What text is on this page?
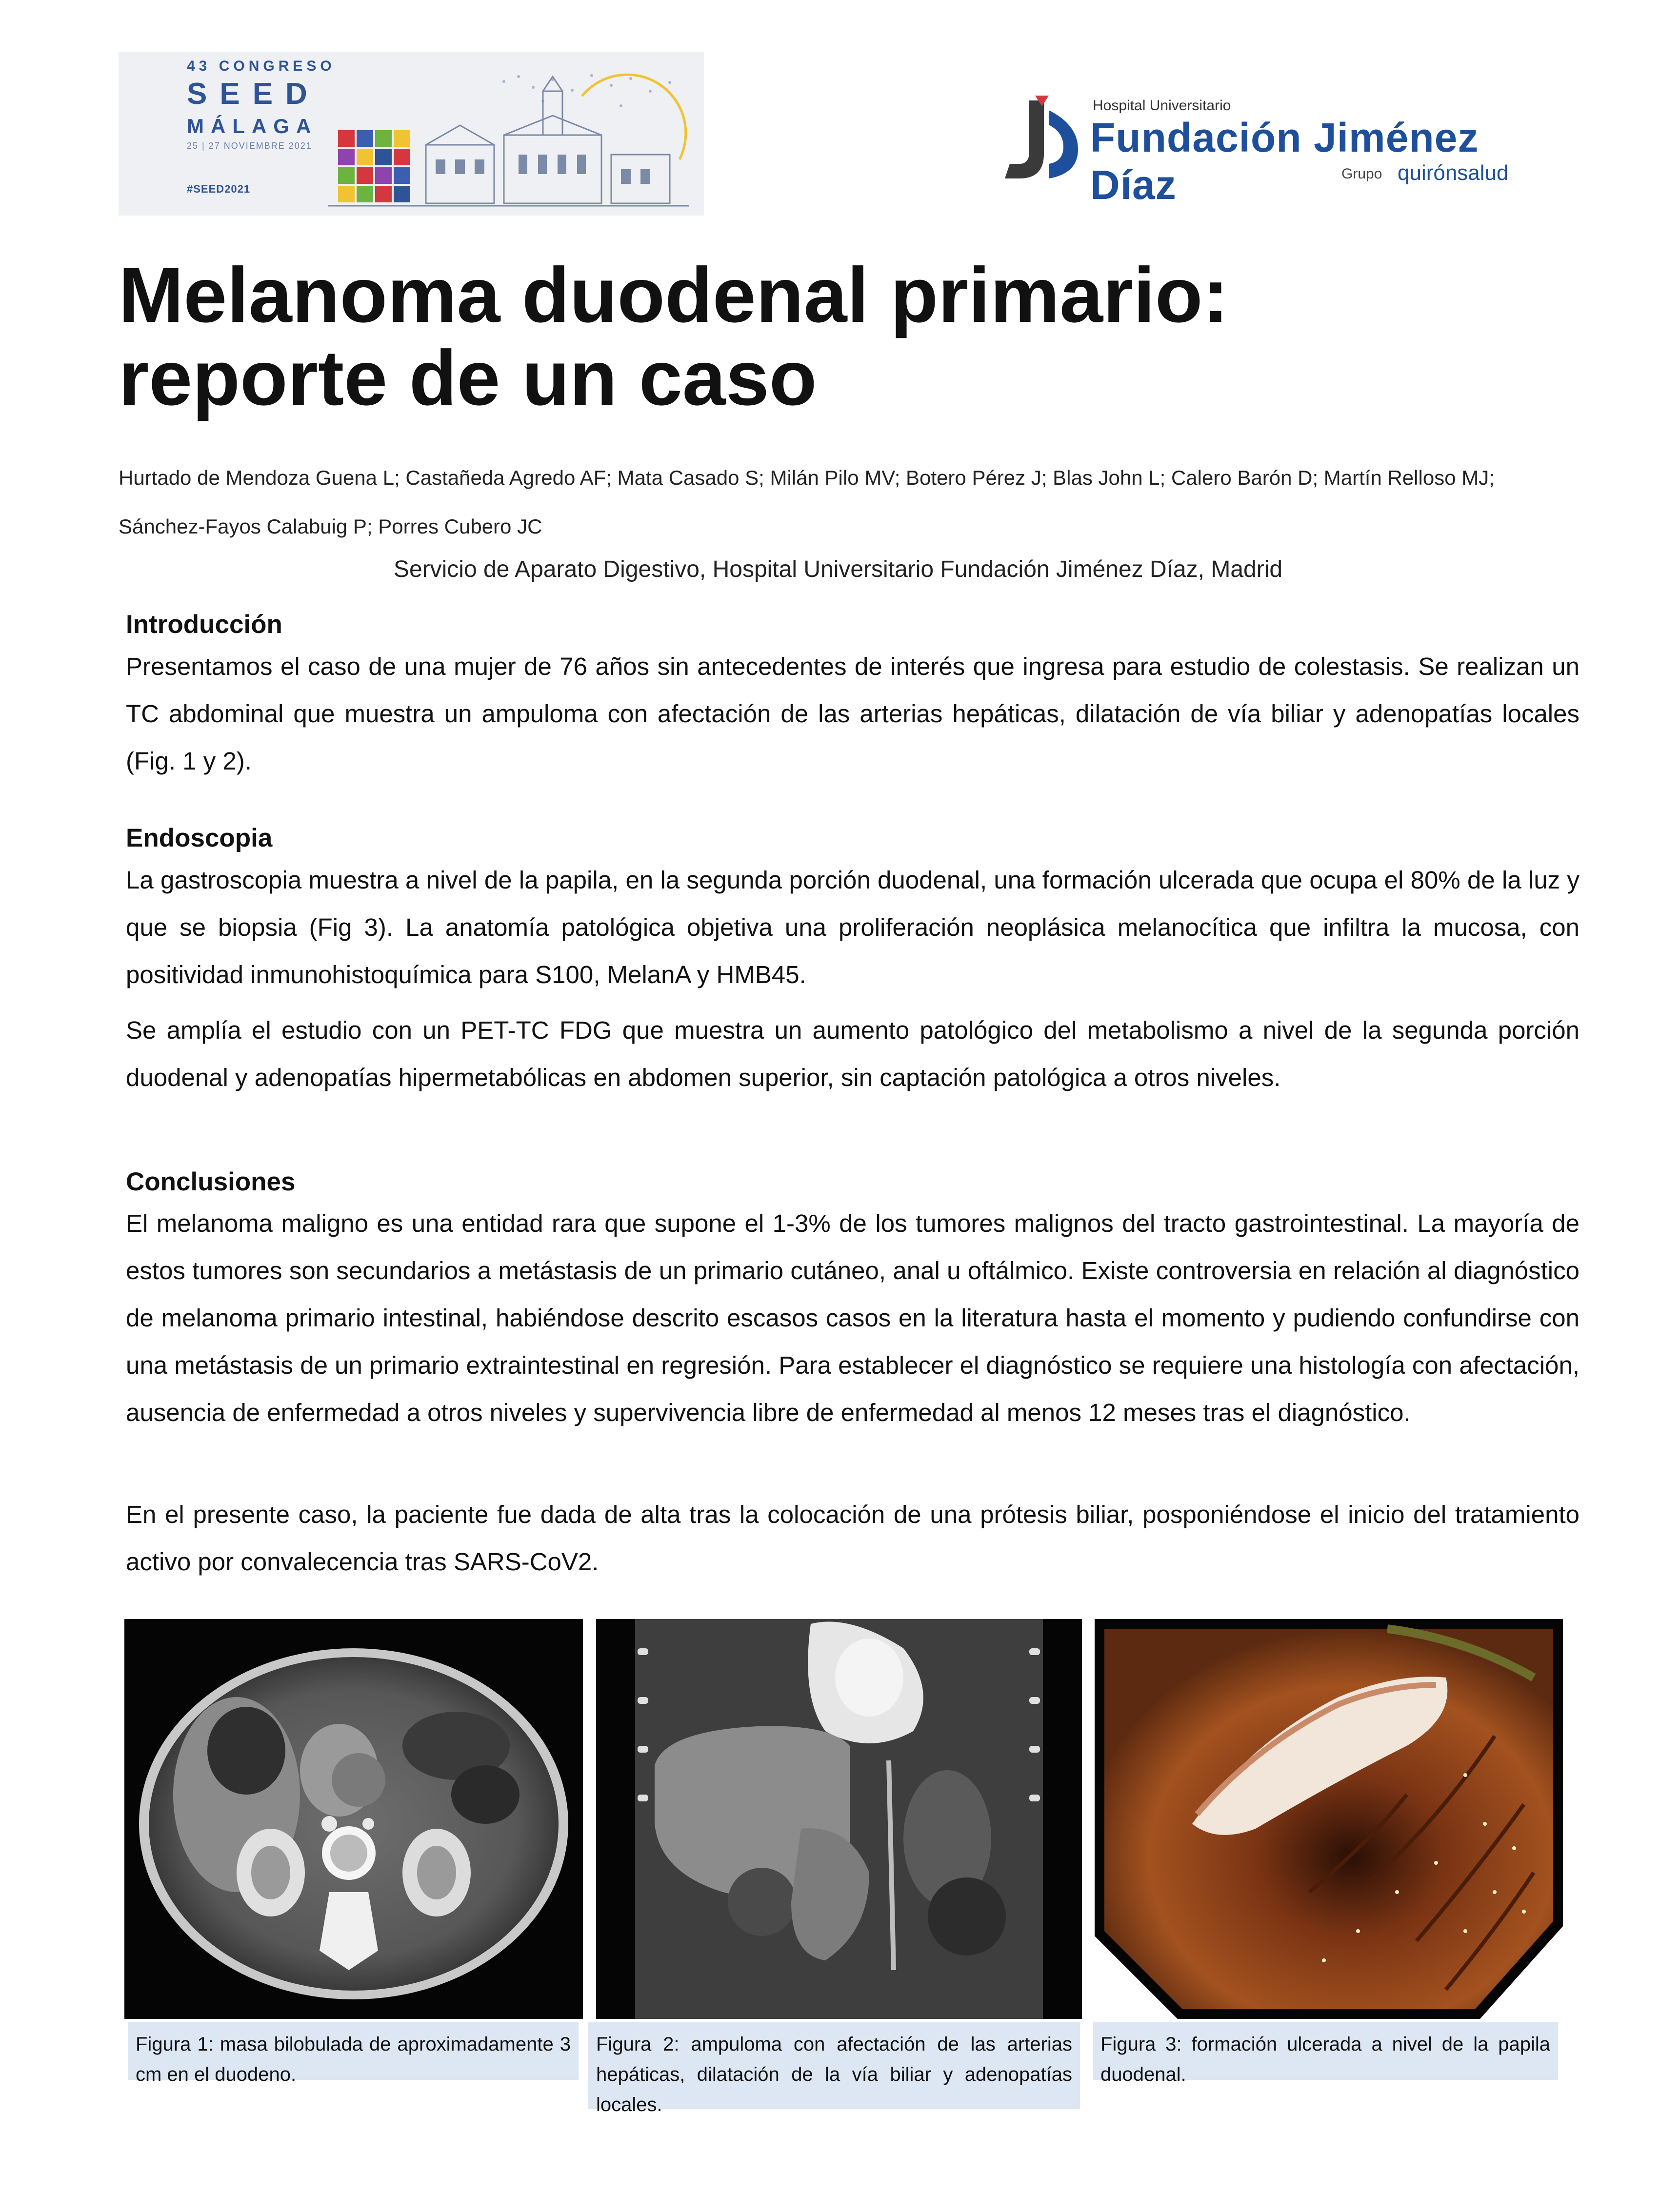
43 CONGRESO
SEED
MÁLAGA
25 | 27 NOVIEMBRE 2021
#SEED2021
Hospital Universitario
Fundación Jiménez Díaz	Grupo quirónsalud
Melanoma duodenal primario:
reporte de un caso
Hurtado de Mendoza Guena L; Castañeda Agredo AF; Mata Casado S; Milán Pilo MV; Botero Pérez J; Blas John L; Calero Barón D; Martín Relloso MJ;
Sánchez-Fayos Calabuig P; Porres Cubero JC
Servicio de Aparato Digestivo, Hospital Universitario Fundación Jiménez Díaz, Madrid
Introducción
Presentamos el caso de una mujer de 76 años sin antecedentes de interés que ingresa para estudio de colestasis. Se realizan un TC abdominal que muestra un ampuloma con afectación de las arterias hepáticas, dilatación de vía biliar y adenopatías locales (Fig. 1 y 2).
Endoscopia
La gastroscopia muestra a nivel de la papila, en la segunda porción duodenal, una formación ulcerada que ocupa el 80% de la luz y que se biopsia (Fig 3). La anatomía patológica objetiva una proliferación neoplásica melanocítica que infiltra la mucosa, con positividad inmunohistoquímica para S100, MelanA y HMB45.
Se amplía el estudio con un PET-TC FDG que muestra un aumento patológico del metabolismo a nivel de la segunda porción duodenal y adenopatías hipermetabólicas en abdomen superior, sin captación patológica a otros niveles.
Conclusiones
El melanoma maligno es una entidad rara que supone el 1-3% de los tumores malignos del tracto gastrointestinal. La mayoría de estos tumores son secundarios a metástasis de un primario cutáneo, anal u oftálmico. Existe controversia en relación al diagnóstico de melanoma primario intestinal, habiéndose descrito escasos casos en la literatura hasta el momento y pudiendo confundirse con una metástasis de un primario extraintestinal en regresión. Para establecer el diagnóstico se requiere una histología con afectación, ausencia de enfermedad a otros niveles y supervivencia libre de enfermedad al menos 12 meses tras el diagnóstico.
En el presente caso, la paciente fue dada de alta tras la colocación de una prótesis biliar, posponiéndose el inicio del tratamiento activo por convalecencia tras SARS-CoV2.
Figura 1: masa bilobulada de aproximadamente 3 cm en el duodeno.
Figura 2: ampuloma con afectación de las arterias hepáticas, dilatación de la vía biliar y adenopatías locales.
Figura 3: formación ulcerada a nivel de la papila duodenal.
